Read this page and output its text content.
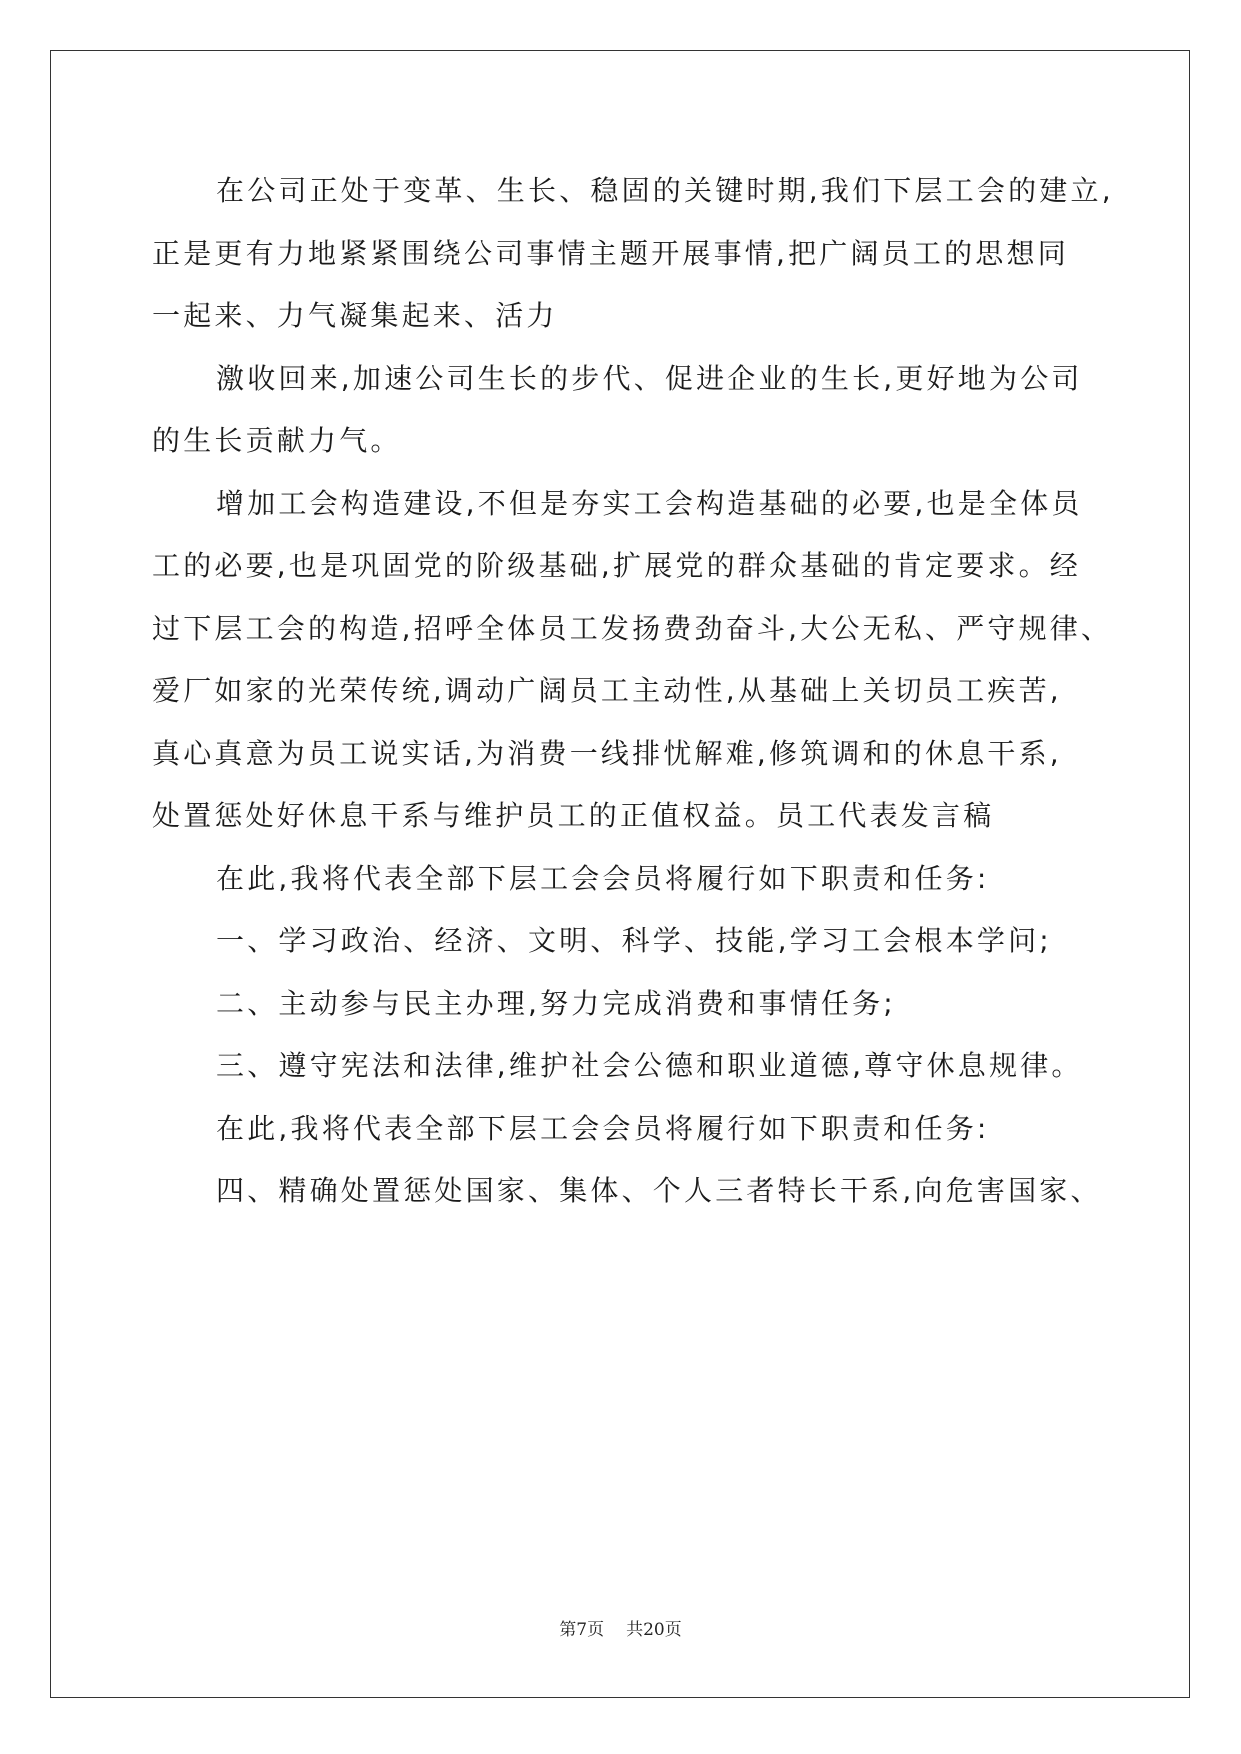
在公司正处于变革、生长、稳固的关键时期,我们下层工会的建立,
正是更有力地紧紧围绕公司事情主题开展事情,把广阔员工的思想同
一起来、力气凝集起来、活力
激收回来,加速公司生长的步代、促进企业的生长,更好地为公司
的生长贡献力气。
增加工会构造建设,不但是夯实工会构造基础的必要,也是全体员
工的必要,也是巩固党的阶级基础,扩展党的群众基础的肯定要求。经
过下层工会的构造,招呼全体员工发扬费劲奋斗,大公无私、严守规律、
爱厂如家的光荣传统,调动广阔员工主动性,从基础上关切员工疾苦,
真心真意为员工说实话,为消费一线排忧解难,修筑调和的休息干系,
处置惩处好休息干系与维护员工的正值权益。员工代表发言稿
在此,我将代表全部下层工会会员将履行如下职责和任务:
一、学习政治、经济、文明、科学、技能,学习工会根本学问;
二、主动参与民主办理,努力完成消费和事情任务;
三、遵守宪法和法律,维护社会公德和职业道德,尊守休息规律。
在此,我将代表全部下层工会会员将履行如下职责和任务:
四、精确处置惩处国家、集体、个人三者特长干系,向危害国家、
第7页 共20页
